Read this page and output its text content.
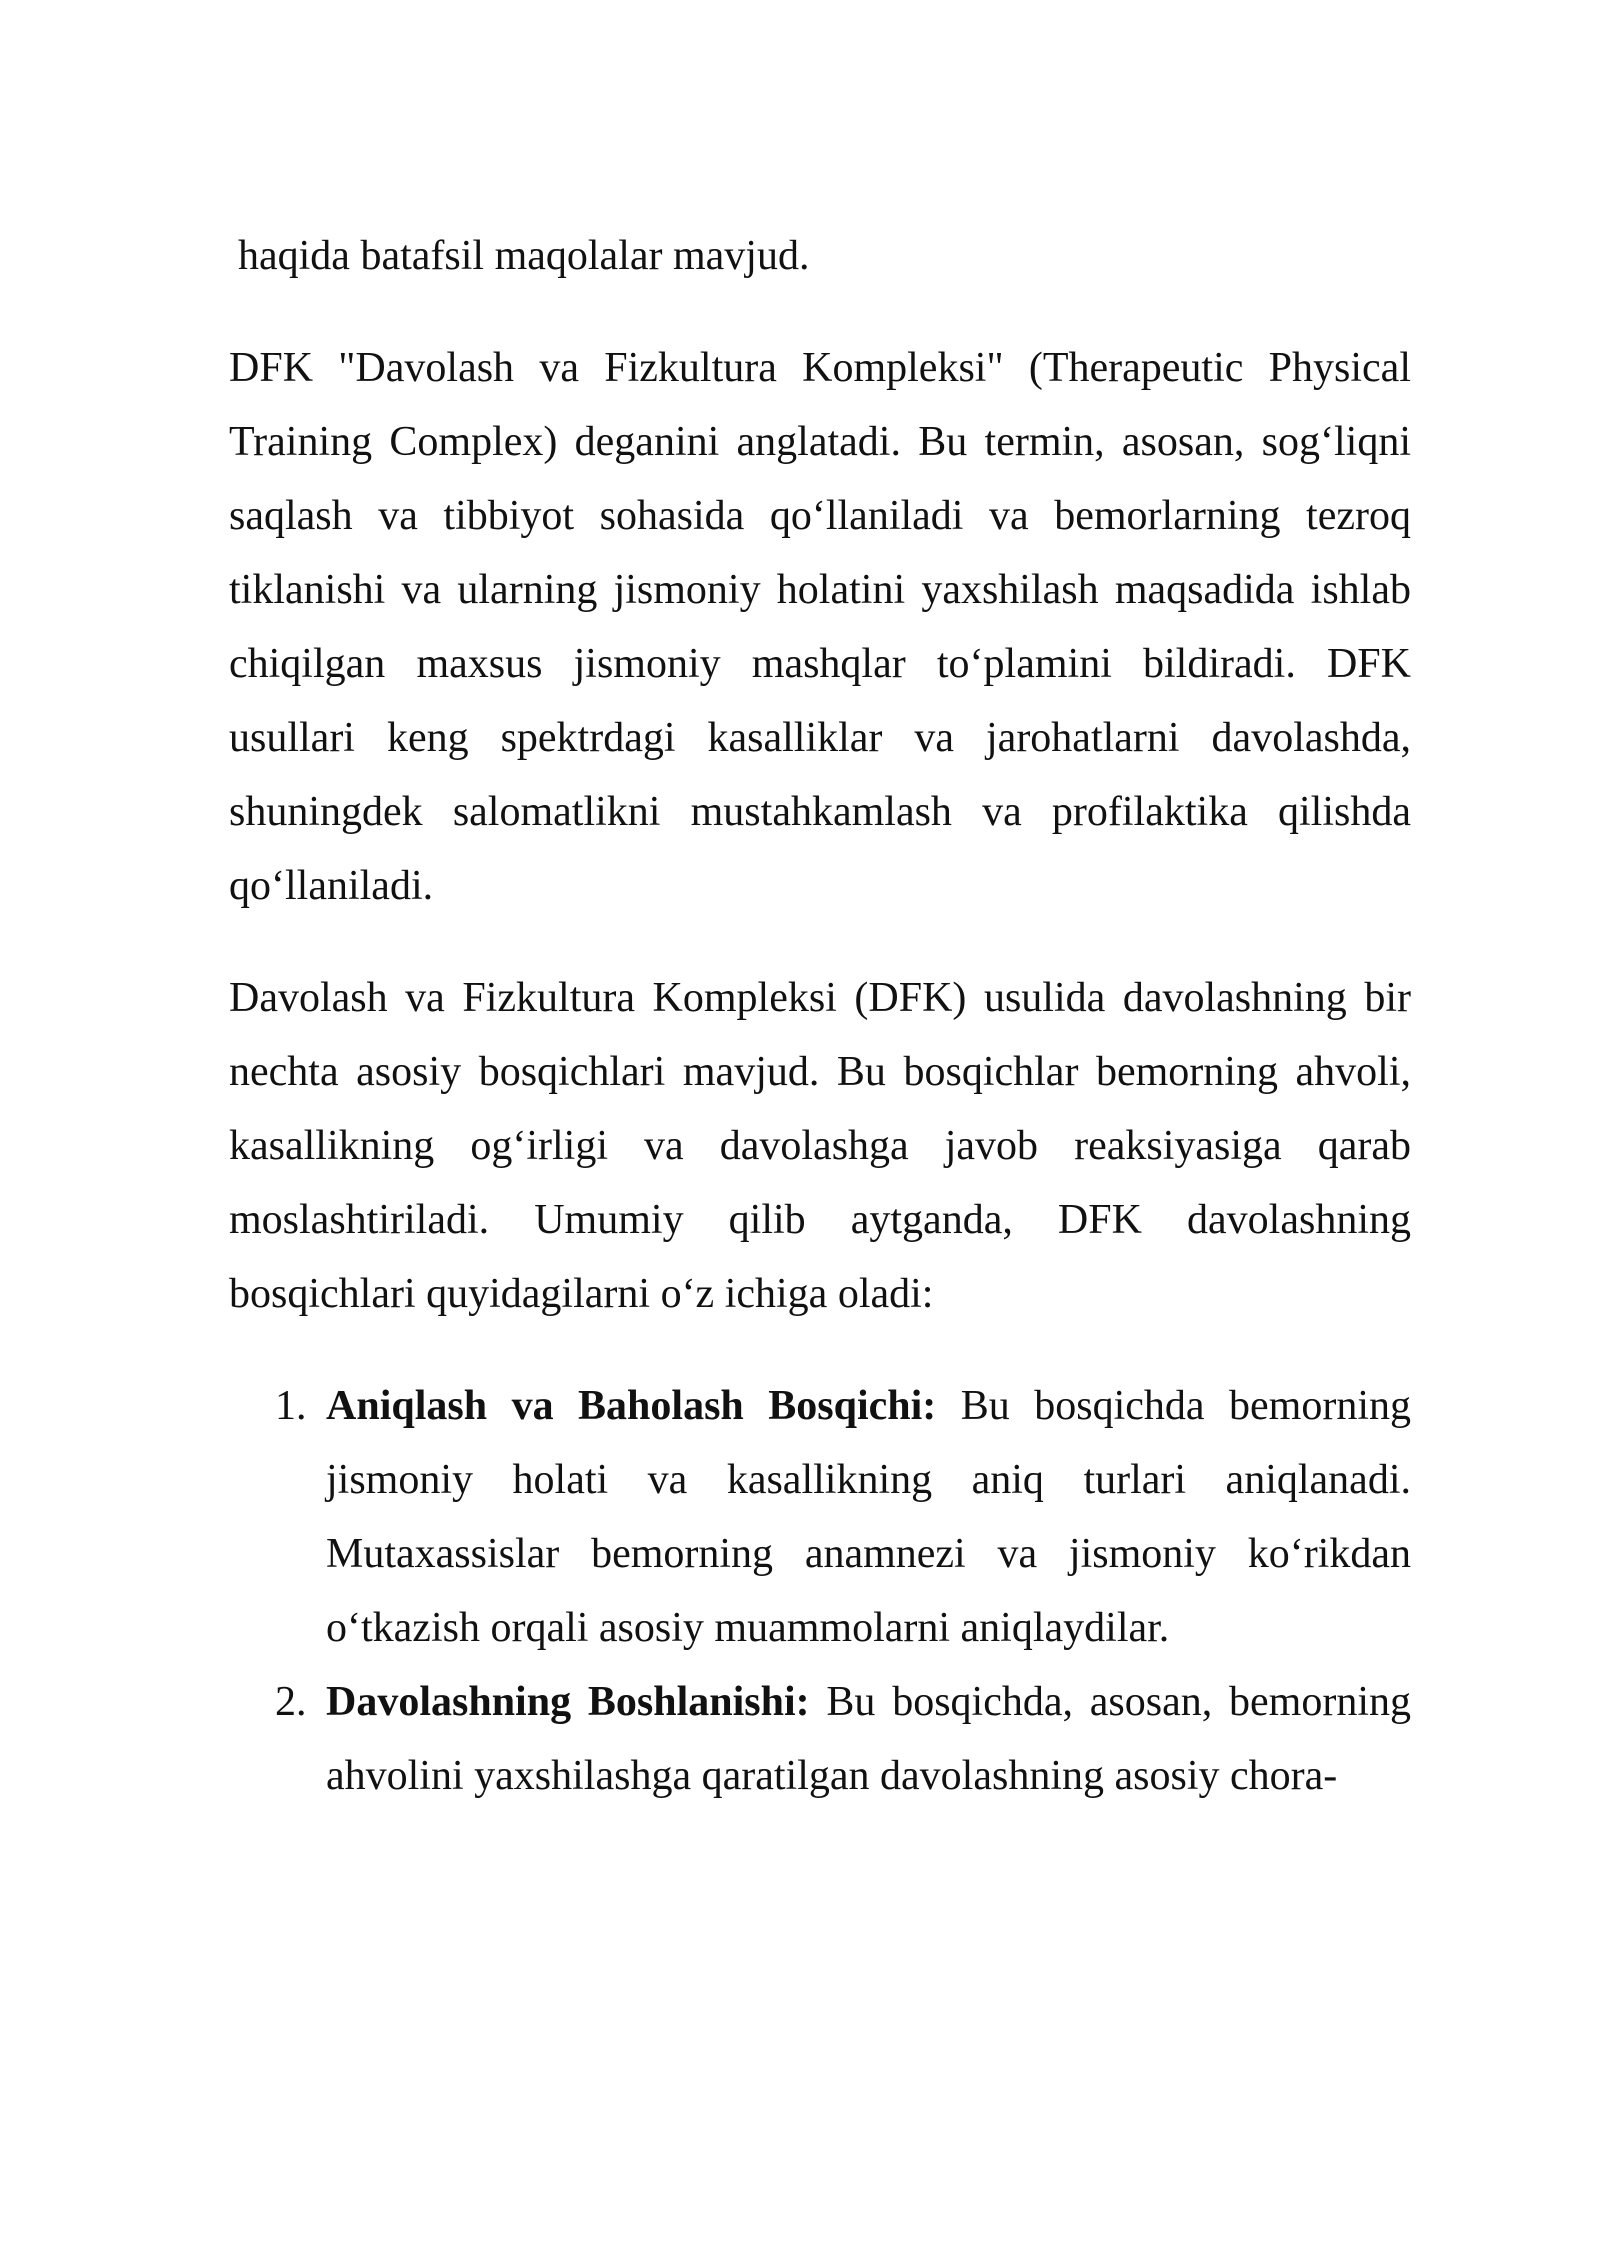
haqida batafsil maqolalar mavjud.

DFK "Davolash va Fizkultura Kompleksi" (Therapeutic Physical Training Complex) deganini anglatadi. Bu termin, asosan, sog‘liqni saqlash va tibbiyot sohasida qo‘llaniladi va bemorlarning tezroq tiklanishi va ularning jismoniy holatini yaxshilash maqsadida ishlab chiqilgan maxsus jismoniy mashqlar to‘plamini bildiradi. DFK usullari keng spektrdagi kasalliklar va jarohatlarni davolashda, shuningdek salomatlikni mustahkamlash va profilaktika qilishda qo‘llaniladi.

Davolash va Fizkultura Kompleksi (DFK) usulida davolashning bir nechta asosiy bosqichlari mavjud. Bu bosqichlar bemorning ahvoli, kasallikning og‘irligi va davolashga javob reaksiyasiga qarab moslashtiriladi. Umumiy qilib aytganda, DFK davolashning bosqichlari quyidagilarni o‘z ichiga oladi:

1. Aniqlash va Baholash Bosqichi: Bu bosqichda bemorning jismoniy holati va kasallikning aniq turlari aniqlanadi. Mutaxassislar bemorning anamnezi va jismoniy ko‘rikdan o‘tkazish orqali asosiy muammolarni aniqlaydilar.
2. Davolashning Boshlanishi: Bu bosqichda, asosan, bemorning ahvolini yaxshilashga qaratilgan davolashning asosiy chora-
